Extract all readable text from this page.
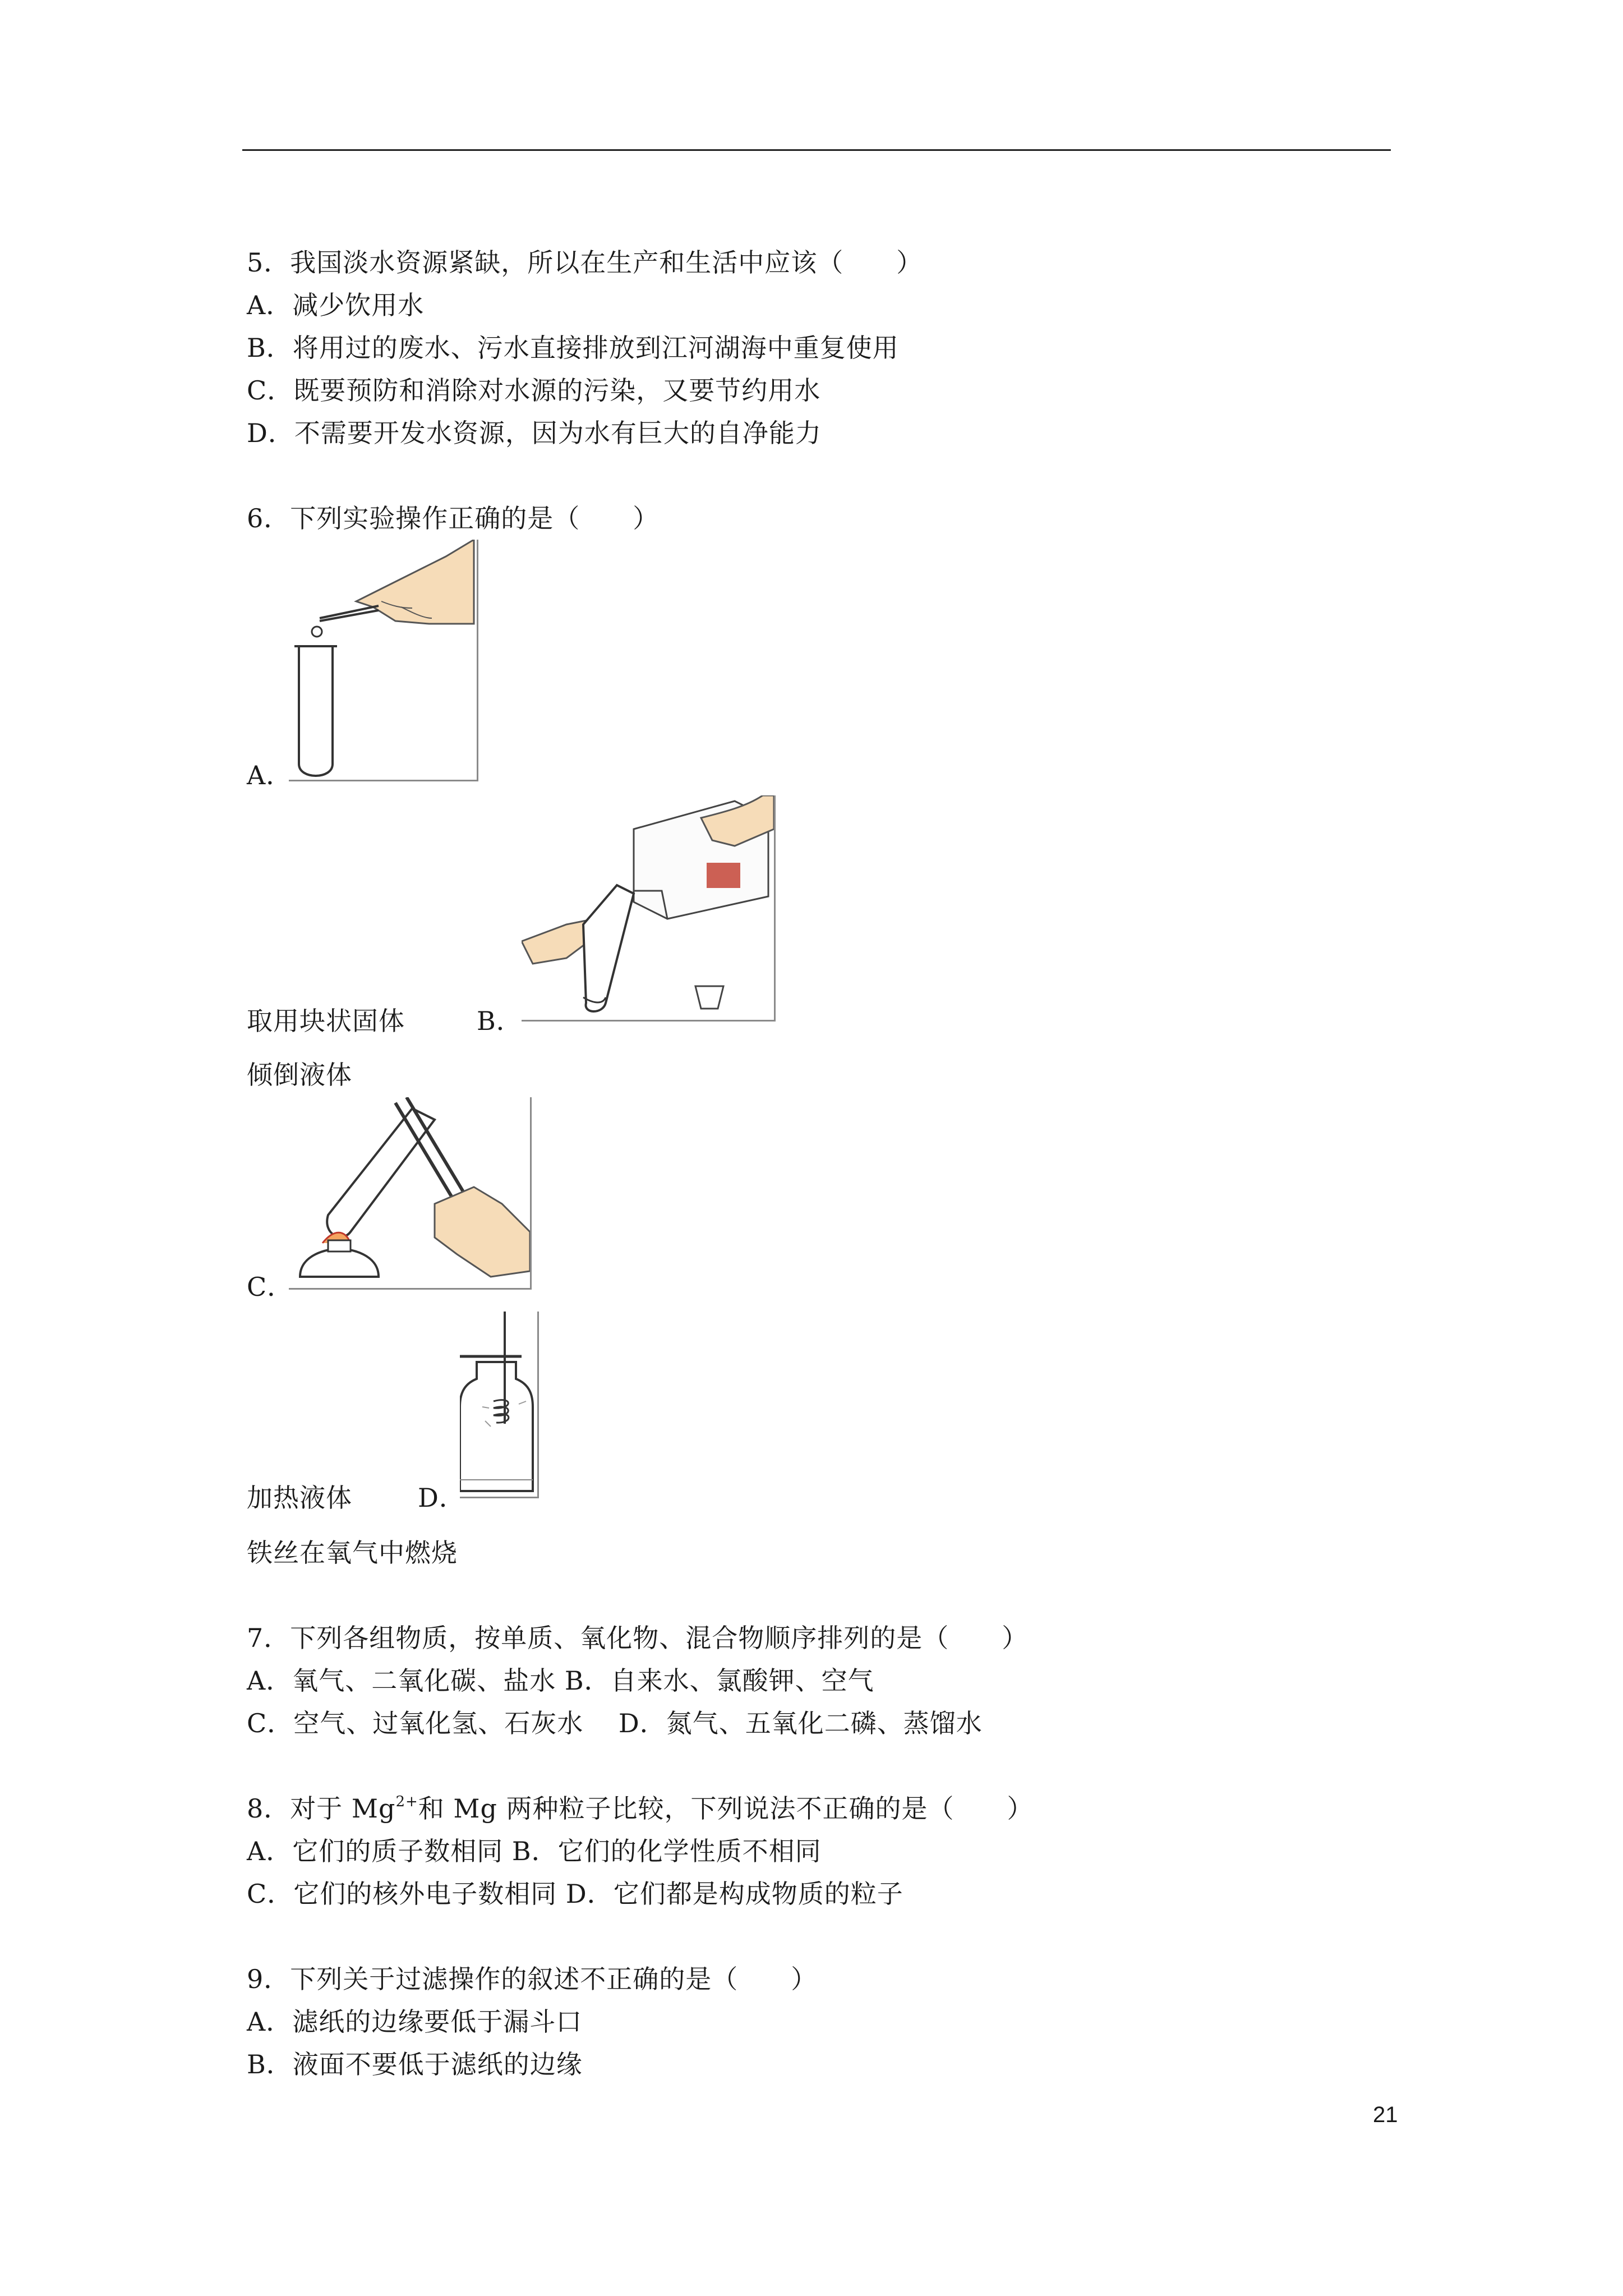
5．我国淡水资源紧缺，所以在生产和生活中应该（　　）
A．减少饮用水
B．将用过的废水、污水直接排放到江河湖海中重复使用
C．既要预防和消除对水源的污染，又要节约用水
D．不需要开发水资源，因为水有巨大的自净能力
6．下列实验操作正确的是（　　）
A．
取用块状固体	B．
倾倒液体
C．
加热液体	D．
铁丝在氧气中燃烧
7．下列各组物质，按单质、氧化物、混合物顺序排列的是（　　）
A．氧气、二氧化碳、盐水 B．自来水、氯酸钾、空气
C．空气、过氧化氢、石灰水　 D．氮气、五氧化二磷、蒸馏水
8．对于 $Mg^{2+}$和 Mg 两种粒子比较，下列说法不正确的是（　　）
A．它们的质子数相同 B．它们的化学性质不相同
C．它们的核外电子数相同 D．它们都是构成物质的粒子
9．下列关于过滤操作的叙述不正确的是（　　）
A．滤纸的边缘要低于漏斗口
B．液面不要低于滤纸的边缘
21
